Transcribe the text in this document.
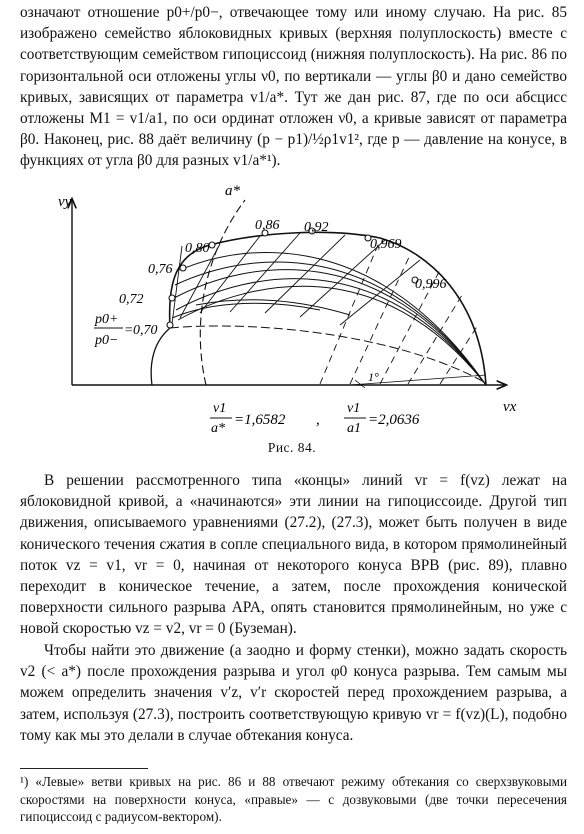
означают отношение p0+/p0−, отвечающее тому или иному случаю. На рис. 85 изображено семейство яблоковидных кривых (верхняя полуплоскость) вместе с соответствующим семейством гипоциссоид (нижняя полуплоскость). На рис. 86 по горизонтальной оси отложены углы ν0, по вертикали — углы β0 и дано семейство кривых, зависящих от параметра v1/a*. Тут же дан рис. 87, где по оси абсцисс отложены M1 = v1/a1, по оси ординат отложен ν0, а кривые зависят от параметра β0. Наконец, рис. 88 даёт величину (p − p1)/½ρ1v1², где p — давление на конусе, в функциях от угла β0 для разных v1/a*¹).

vy
vx
a*
1°
p0+
p0−
= 0,70
0,72
0,76
0,80
0,86 0,92
0,969
0,996
v1
a*
=1,6582 ,
v1
a1
=2,0636
Рис. 84.

В решении рассмотренного типа «концы» линий vr = f(vz) лежат на яблоковидной кривой, а «начинаются» эти линии на гипоциссоиде. Другой тип движения, описываемого уравнениями (27.2), (27.3), может быть получен в виде конического течения сжатия в сопле специального вида, в котором прямолинейный поток vz = v1, vr = 0, начиная от некоторого конуса BPB (рис. 89), плавно переходит в коническое течение, а затем, после прохождения конической поверхности сильного разрыва APA, опять становится прямолинейным, но уже с новой скоростью vz = v2, vr = 0 (Буземан).

Чтобы найти это движение (а заодно и форму стенки), можно задать скорость v2 (< a*) после прохождения разрыва и угол φ0 конуса разрыва. Тем самым мы можем определить значения v′z, v′r скоростей перед прохождением разрыва, а затем, используя (27.3), построить соответствующую кривую vr = f(vz)(L), подобно тому как мы это делали в случае обтекания конуса.

¹) «Левые» ветви кривых на рис. 86 и 88 отвечают режиму обтекания со сверхзвуковыми скоростями на поверхности конуса, «правые» — с дозвуковыми (две точки пересечения гипоциссоид с радиусом-вектором).
